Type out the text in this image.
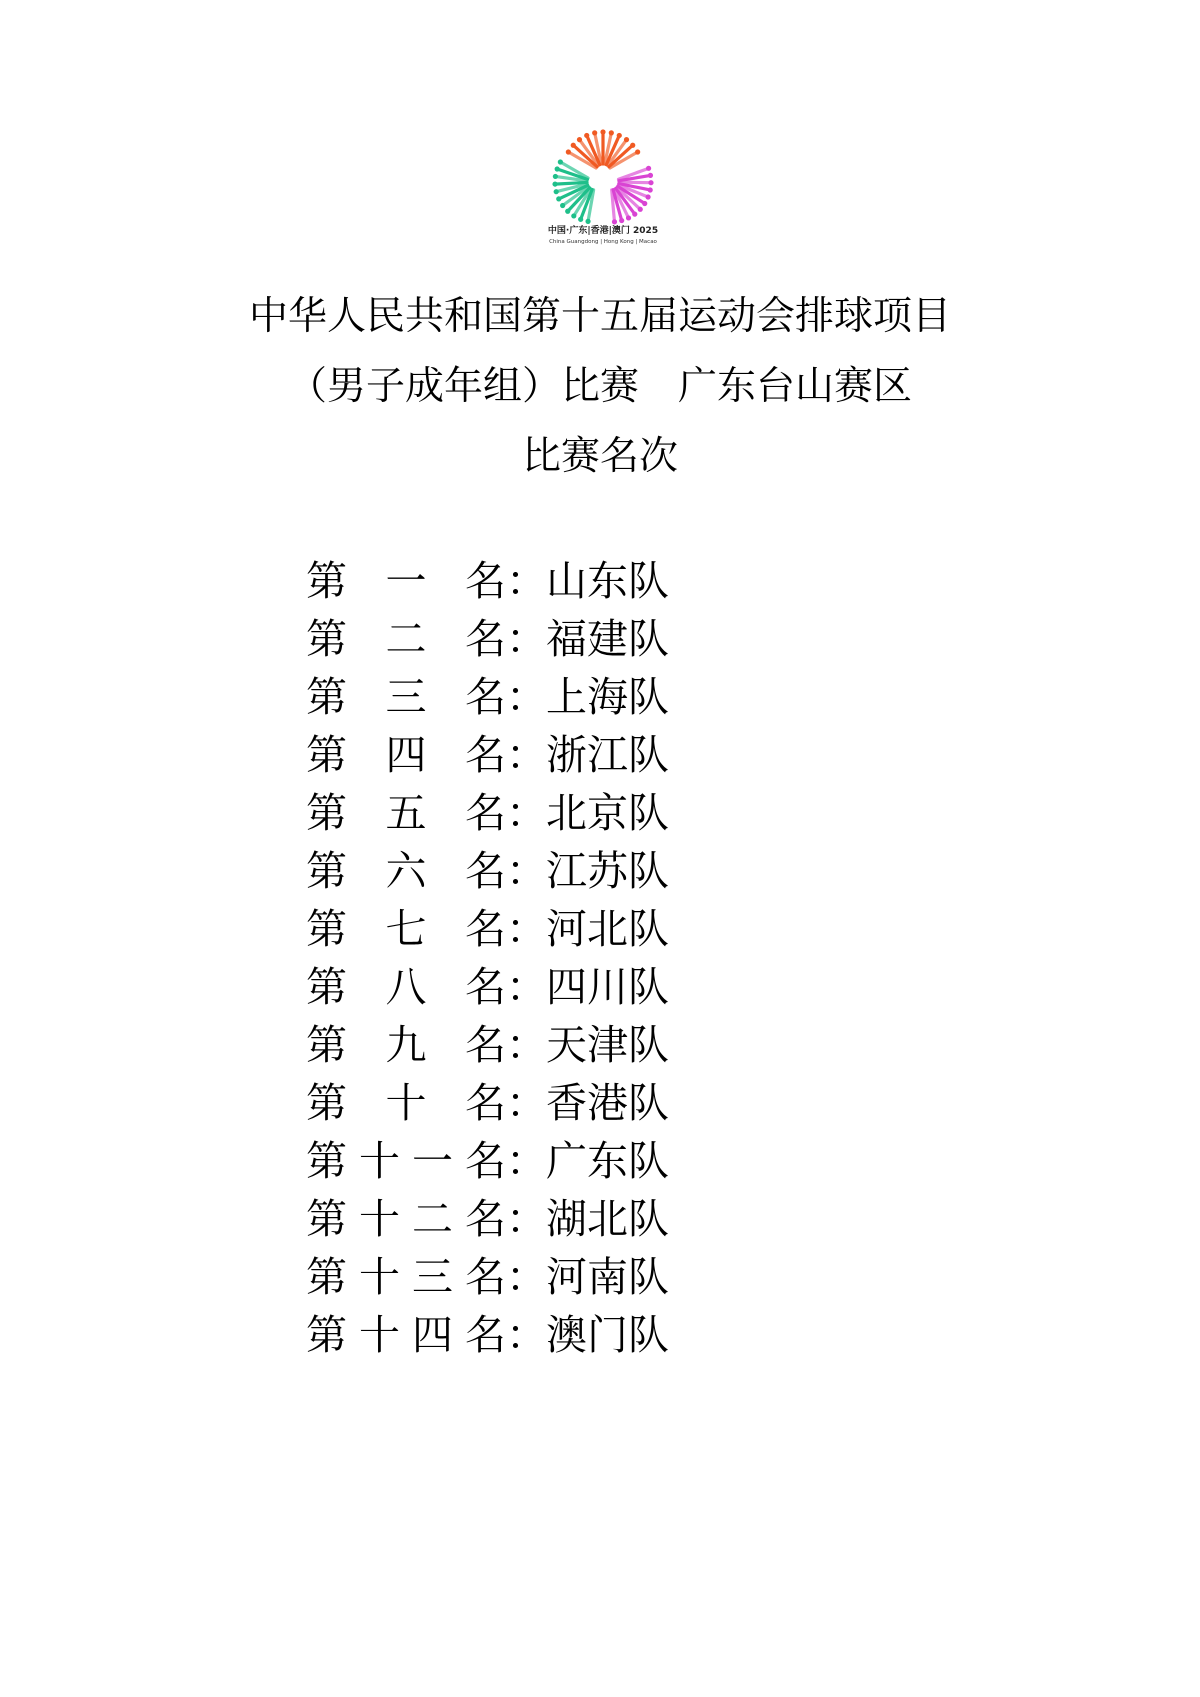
中国·广东|香港|澳门 2025
China Guangdong | Hong Kong | Macao
中华人民共和国第十五届运动会排球项目
（男子成年组）比赛　广东台山赛区
比赛名次
第 一 名 ： 山东队
第 二 名 ： 福建队
第 三 名 ： 上海队
第 四 名 ： 浙江队
第 五 名 ： 北京队
第 六 名 ： 江苏队
第 七 名 ： 河北队
第 八 名 ： 四川队
第 九 名 ： 天津队
第 十 名 ： 香港队
第 十 一 名 ： 广东队
第 十 二 名 ： 湖北队
第 十 三 名 ： 河南队
第 十 四 名 ： 澳门队
